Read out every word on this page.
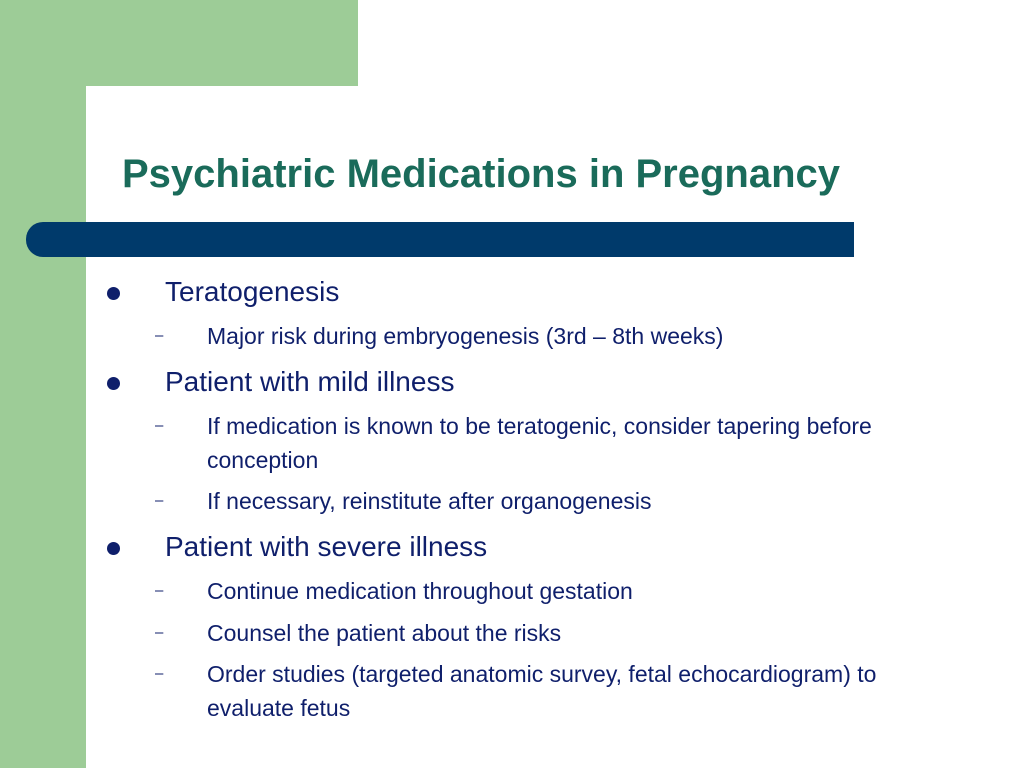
Psychiatric Medications in Pregnancy
Teratogenesis
– Major risk during embryogenesis (3rd – 8th weeks)
Patient with mild illness
– If medication is known to be teratogenic, consider tapering before conception
– If necessary, reinstitute after organogenesis
Patient with severe illness
– Continue medication throughout gestation
– Counsel the patient about the risks
– Order studies (targeted anatomic survey, fetal echocardiogram) to evaluate fetus
